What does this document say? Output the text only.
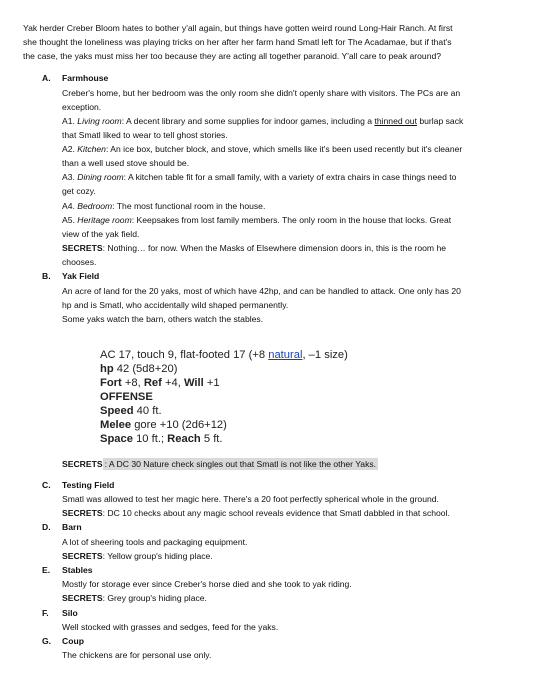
Yak herder Creber Bloom hates to bother y'all again, but things have gotten weird round Long-Hair Ranch. At first
she thought the loneliness was playing tricks on her after her farm hand Smatl left for The Acadamae, but if that's
the case, the yaks must miss her too because they are acting all together paranoid. Y'all care to peak around?
A. Farmhouse
Creber's home, but her bedroom was the only room she didn't openly share with visitors. The PCs are an
exception.
A1. Living room: A decent library and some supplies for indoor games, including a thinned out burlap sack
that Smatl liked to wear to tell ghost stories.
A2. Kitchen: An ice box, butcher block, and stove, which smells like it's been used recently but it's cleaner
than a well used stove should be.
A3. Dining room: A kitchen table fit for a small family, with a variety of extra chairs in case things need to
get cozy.
A4. Bedroom: The most functional room in the house.
A5. Heritage room: Keepsakes from lost family members. The only room in the house that locks. Great
view of the yak field.
SECRETS: Nothing… for now. When the Masks of Elsewhere dimension doors in, this is the room he
chooses.
B. Yak Field
An acre of land for the 20 yaks, most of which have 42hp, and can be handled to attack. One only has 20
hp and is Smatl, who accidentally wild shaped permanently.
Some yaks watch the barn, others watch the stables.
AC 17, touch 9, flat-footed 17 (+8 natural, –1 size)
hp 42 (5d8+20)
Fort +8, Ref +4, Will +1
OFFENSE
Speed 40 ft.
Melee gore +10 (2d6+12)
Space 10 ft.; Reach 5 ft.
SECRETS : A DC 30 Nature check singles out that Smatl is not like the other Yaks.
C. Testing Field
Smatl was allowed to test her magic here. There's a 20 foot perfectly spherical whole in the ground.
SECRETS: DC 10 checks about any magic school reveals evidence that Smatl dabbled in that school.
D. Barn
A lot of sheering tools and packaging equipment.
SECRETS: Yellow group's hiding place.
E. Stables
Mostly for storage ever since Creber's horse died and she took to yak riding.
SECRETS: Grey group's hiding place.
F. Silo
Well stocked with grasses and sedges, feed for the yaks.
G. Coup
The chickens are for personal use only.
